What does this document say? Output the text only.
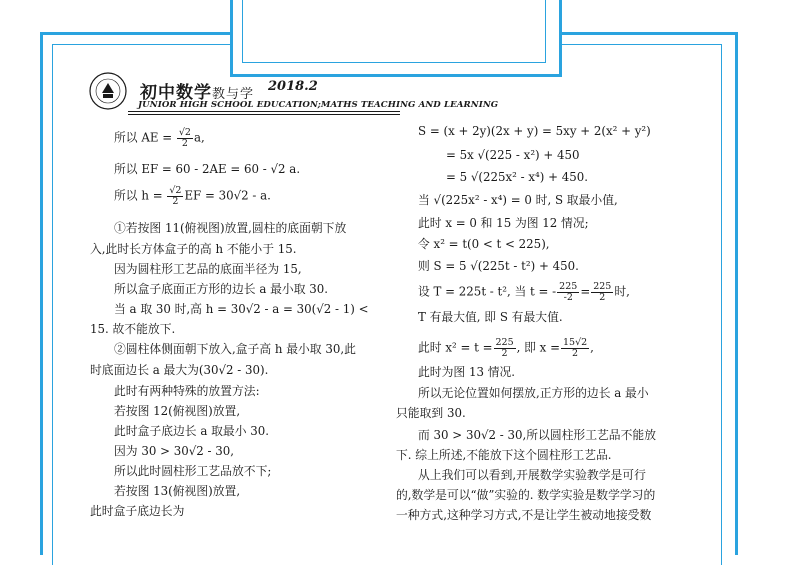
初中数学教与学
2018.2
JUNIOR HIGH SCHOOL EDUCATION;MATHS TEACHING AND LEARNING
所以 AE = $\frac{√2}{2} a$,
所以 EF = 60 - 2AE = 60 - √2 a.
所以 $h = \frac{√2}{2}$ EF = 30√2 - a.
①若按图 11(俯视图)放置,圆柱的底面朝下放
入,此时长方体盒子的高 h 不能小于 15.
因为圆柱形工艺品的底面半径为 15,
所以盒子底面正方形的边长 a 最小取 30.
当 a 取 30 时,高 h = 30√2 - a = 30(√2 - 1) <
15. 故不能放下.
②圆柱体侧面朝下放入,盒子高 h 最小取 30,此
时底面边长 a 最大为(30√2 - 30).
此时有两种特殊的放置方法:
若按图 12(俯视图)放置,
此时盒子底边长 a 取最小 30.
因为 30 > 30√2 - 30,
所以此时圆柱形工艺品放不下;
若按图 13(俯视图)放置,
此时盒子底边长为
S = (x + 2y)(2x + y) = 5xy + 2(x² + y²)
= 5x √(225 - x²) + 450
= 5 √(225x² - x⁴) + 450.
当 √(225x² - x⁴) = 0 时, S 取最小值,
此时 x = 0 和 15 为图 12 情况;
令 x² = t(0 < t < 225),
则 S = 5 √(225t - t²) + 450.
设 T = 225t - t², 当 t = - $\frac{225}{-2} = \frac{225}{2}$ 时,
T 有最大值, 即 S 有最大值.
此时 $x^2 = t = \frac{225}{2}$ , 即 $x = \frac{15√2}{2}$ ,
此时为图 13 情况.
所以无论位置如何摆放,正方形的边长 a 最小
只能取到 30.
而 30 > 30√2 - 30,所以圆柱形工艺品不能放
下. 综上所述,不能放下这个圆柱形工艺品.
从上我们可以看到,开展数学实验教学是可行
的,数学是可以“做”实验的. 数学实验是数学学习的
一种方式,这种学习方式,不是让学生被动地接受数
